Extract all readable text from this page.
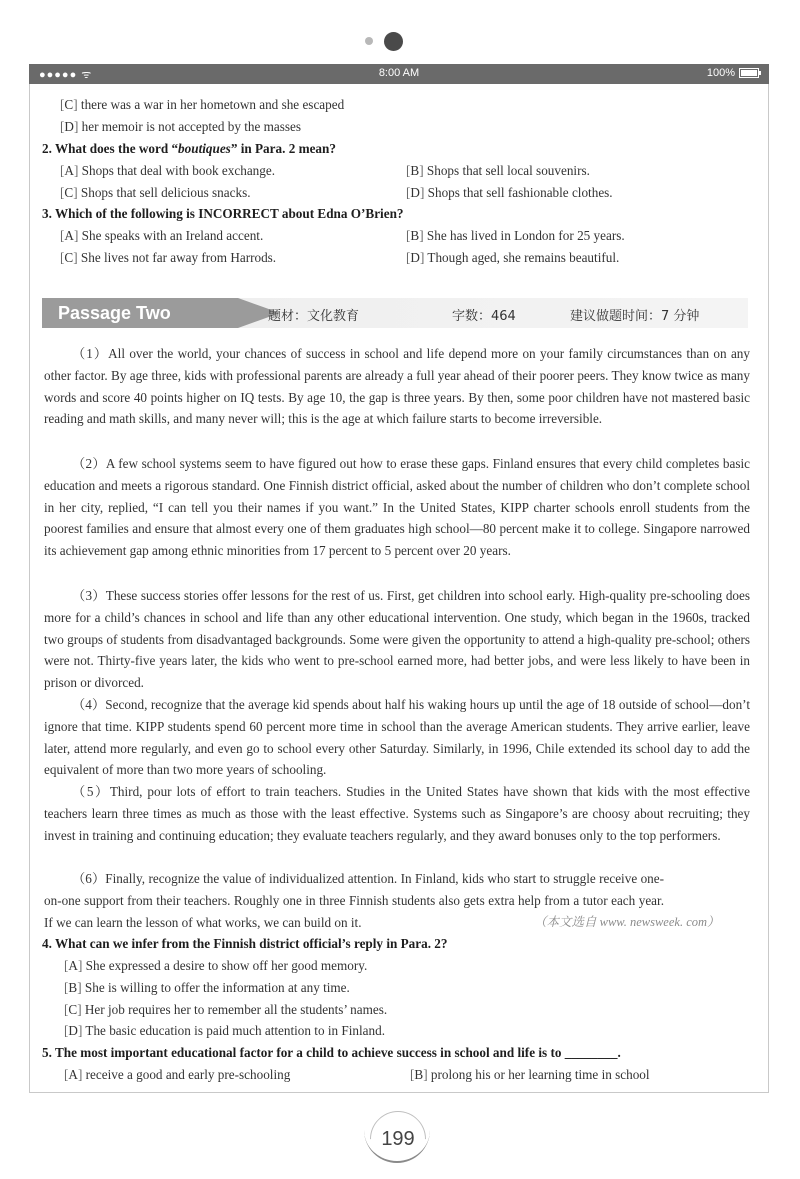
●●●●● ᯤ	8:00 AM	100%
[C] there was a war in her hometown and she escaped
[D] her memoir is not accepted by the masses
2. What does the word “boutiques” in Para. 2 mean?
[A] Shops that deal with book exchange.	[B] Shops that sell local souvenirs.
[C] Shops that sell delicious snacks.	[D] Shops that sell fashionable clothes.
3. Which of the following is INCORRECT about Edna O’Brien?
[A] She speaks with an Ireland accent.	[B] She has lived in London for 25 years.
[C] She lives not far away from Harrods.	[D] Though aged, she remains beautiful.
Passage Two	题材：文化教育	字数：464	建议做题时间：7 分钟
（1）All over the world, your chances of success in school and life depend more on your family circumstances than on any other factor. By age three, kids with professional parents are already a full year ahead of their poorer peers. They know twice as many words and score 40 points higher on IQ tests. By age 10, the gap is three years. By then, some poor children have not mastered basic reading and math skills, and many never will; this is the age at which failure starts to become irreversible.
（2）A few school systems seem to have figured out how to erase these gaps. Finland ensures that every child completes basic education and meets a rigorous standard. One Finnish district official, asked about the number of children who don’t complete school in her city, replied, “I can tell you their names if you want.” In the United States, KIPP charter schools enroll students from the poorest families and ensure that almost every one of them graduates high school—80 percent make it to college. Singapore narrowed its achievement gap among ethnic minorities from 17 percent to 5 percent over 20 years.
（3）These success stories offer lessons for the rest of us. First, get children into school early. High-quality pre-schooling does more for a child’s chances in school and life than any other educational intervention. One study, which began in the 1960s, tracked two groups of students from disadvantaged backgrounds. Some were given the opportunity to attend a high-quality pre-school; others were not. Thirty-five years later, the kids who went to pre-school earned more, had better jobs, and were less likely to have been in prison or divorced.
（4）Second, recognize that the average kid spends about half his waking hours up until the age of 18 outside of school—don’t ignore that time. KIPP students spend 60 percent more time in school than the average American students. They arrive earlier, leave later, attend more regularly, and even go to school every other Saturday. Similarly, in 1996, Chile extended its school day to add the equivalent of more than two more years of schooling.
（5）Third, pour lots of effort to train teachers. Studies in the United States have shown that kids with the most effective teachers learn three times as much as those with the least effective. Systems such as Singapore’s are choosy about recruiting; they invest in training and continuing education; they evaluate teachers regularly, and they award bonuses only to the top performers.
（6）Finally, recognize the value of individualized attention. In Finland, kids who start to struggle receive one-on-one support from their teachers. Roughly one in three Finnish students also gets extra help from a tutor each year. If we can learn the lesson of what works, we can build on it.	（本文选自 www. newsweek. com）
4. What can we infer from the Finnish district official’s reply in Para. 2?
[A] She expressed a desire to show off her good memory.
[B] She is willing to offer the information at any time.
[C] Her job requires her to remember all the students’ names.
[D] The basic education is paid much attention to in Finland.
5. The most important educational factor for a child to achieve success in school and life is to ________.
[A] receive a good and early pre-schooling	[B] prolong his or her learning time in school
199
